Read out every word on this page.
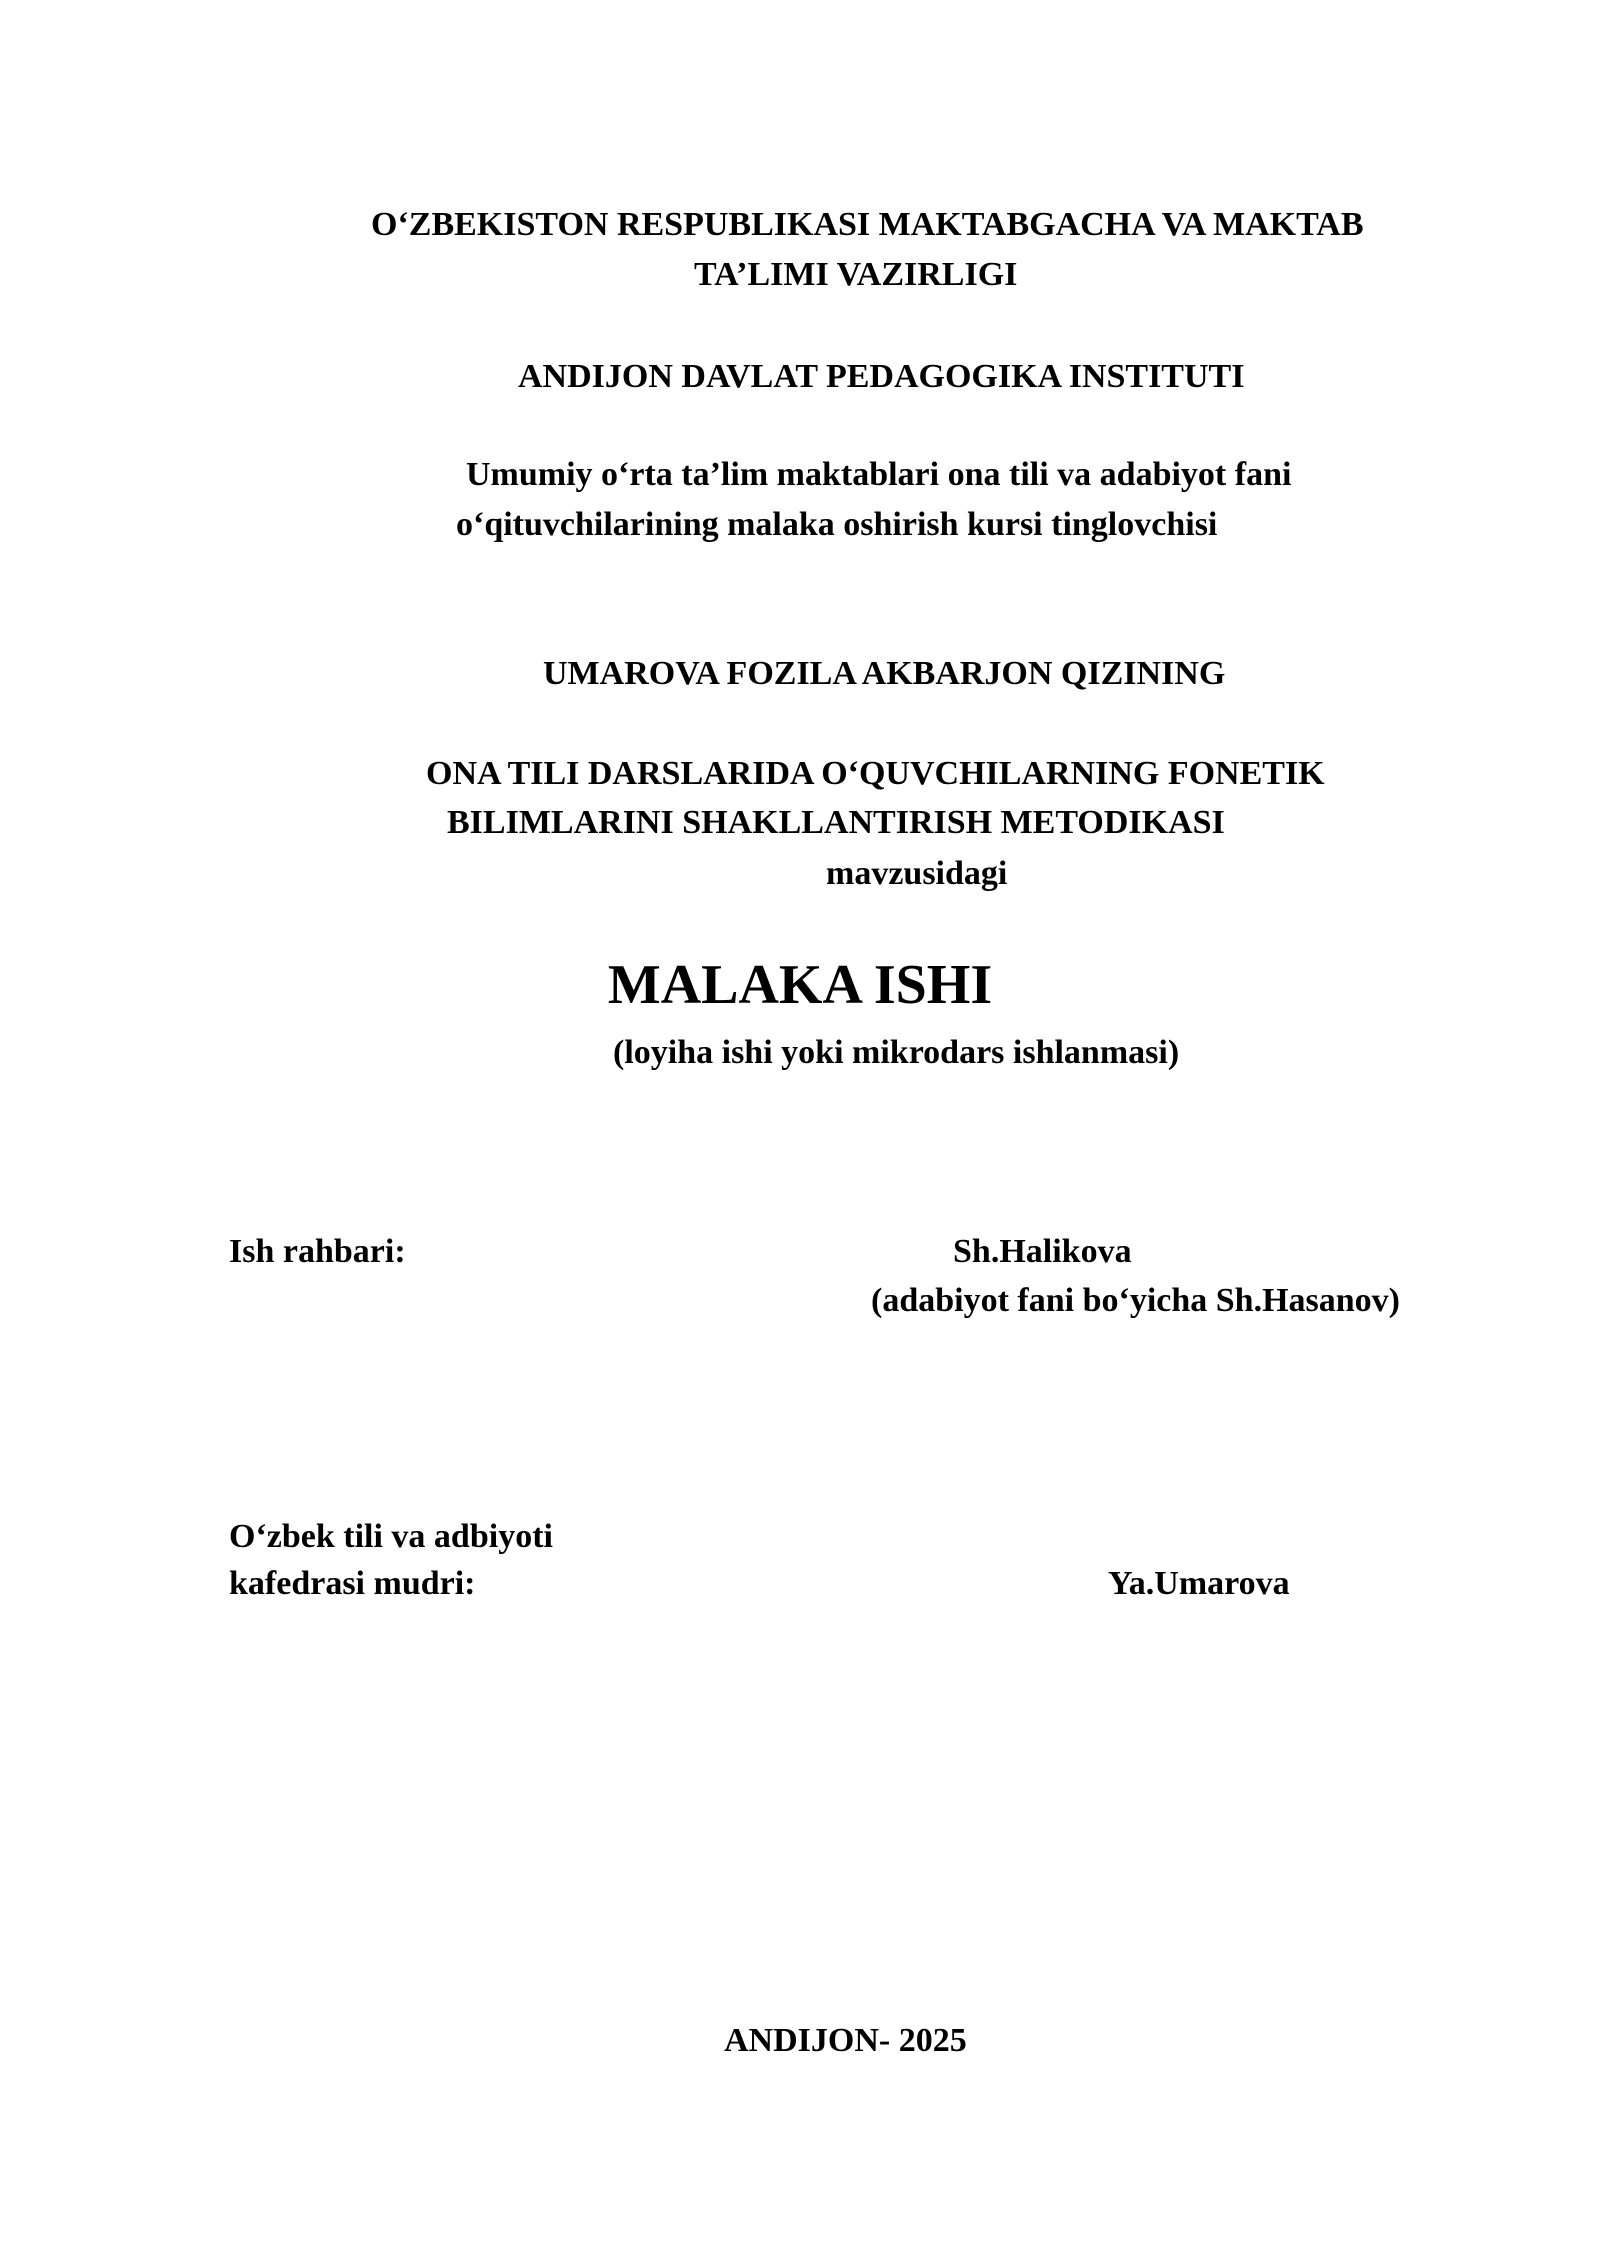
O‘ZBEKISTON RESPUBLIKASI MAKTABGACHA VA MAKTAB
TA’LIMI VAZIRLIGI
ANDIJON DAVLAT PEDAGOGIKA INSTITUTI
Umumiy o‘rta ta’lim maktablari ona tili va adabiyot fani
o‘qituvchilarining malaka oshirish kursi tinglovchisi
UMAROVA FOZILA AKBARJON QIZINING
ONA TILI DARSLARIDA O‘QUVCHILARNING FONETIK
BILIMLARINI SHAKLLANTIRISH METODIKASI
mavzusidagi
MALAKA ISHI
(loyiha ishi yoki mikrodars ishlanmasi)
Ish rahbari:	Sh.Halikova
(adabiyot fani bo‘yicha Sh.Hasanov)
O‘zbek tili va adbiyoti
kafedrasi mudri:	Ya.Umarova
ANDIJON- 2025
